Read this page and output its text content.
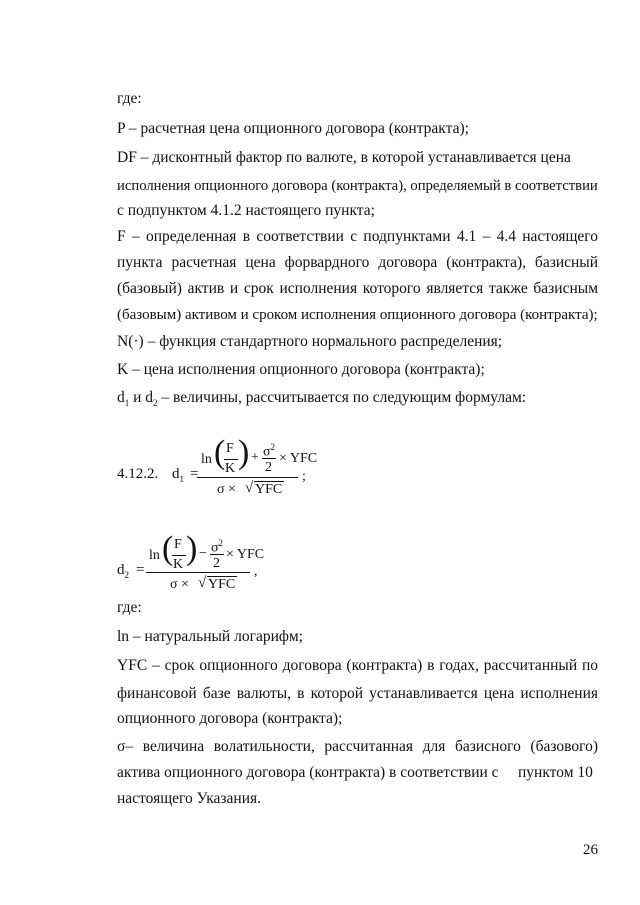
где:
P – расчетная цена опционного договора (контракта);
DF – дисконтный фактор по валюте, в которой устанавливается цена
исполнения опционного договора (контракта), определяемый в соответствии
с подпунктом 4.1.2 настоящего пункта;
F – определенная в соответствии с подпунктами 4.1 – 4.4 настоящего
пункта расчетная цена форвардного договора (контракта), базисный
(базовый) актив и срок исполнения которого является также базисным
(базовым) активом и сроком исполнения опционного договора (контракта);
N(·) – функция стандартного нормального распределения;
K – цена исполнения опционного договора (контракта);
$d_1$ и $d_2$ – величины, рассчитывается по следующим формулам:
4.12.2. $d_1$ =
ln ( F
K ) + $\sigma^2$
2
× YFC
σ × √ YFC
;
$d_2$ =
ln ( F
K ) − $\sigma^2$
2
× YFC
σ × √ YFC
,
где:
ln – натуральный логарифм;
YFC – срок опционного договора (контракта) в годах, рассчитанный по
финансовой базе валюты, в которой устанавливается цена исполнения
опционного договора (контракта);
σ– величина волатильности, рассчитанная для базисного (базового)
актива опционного договора (контракта) в соответствии с пунктом 10
настоящего Указания.
26
